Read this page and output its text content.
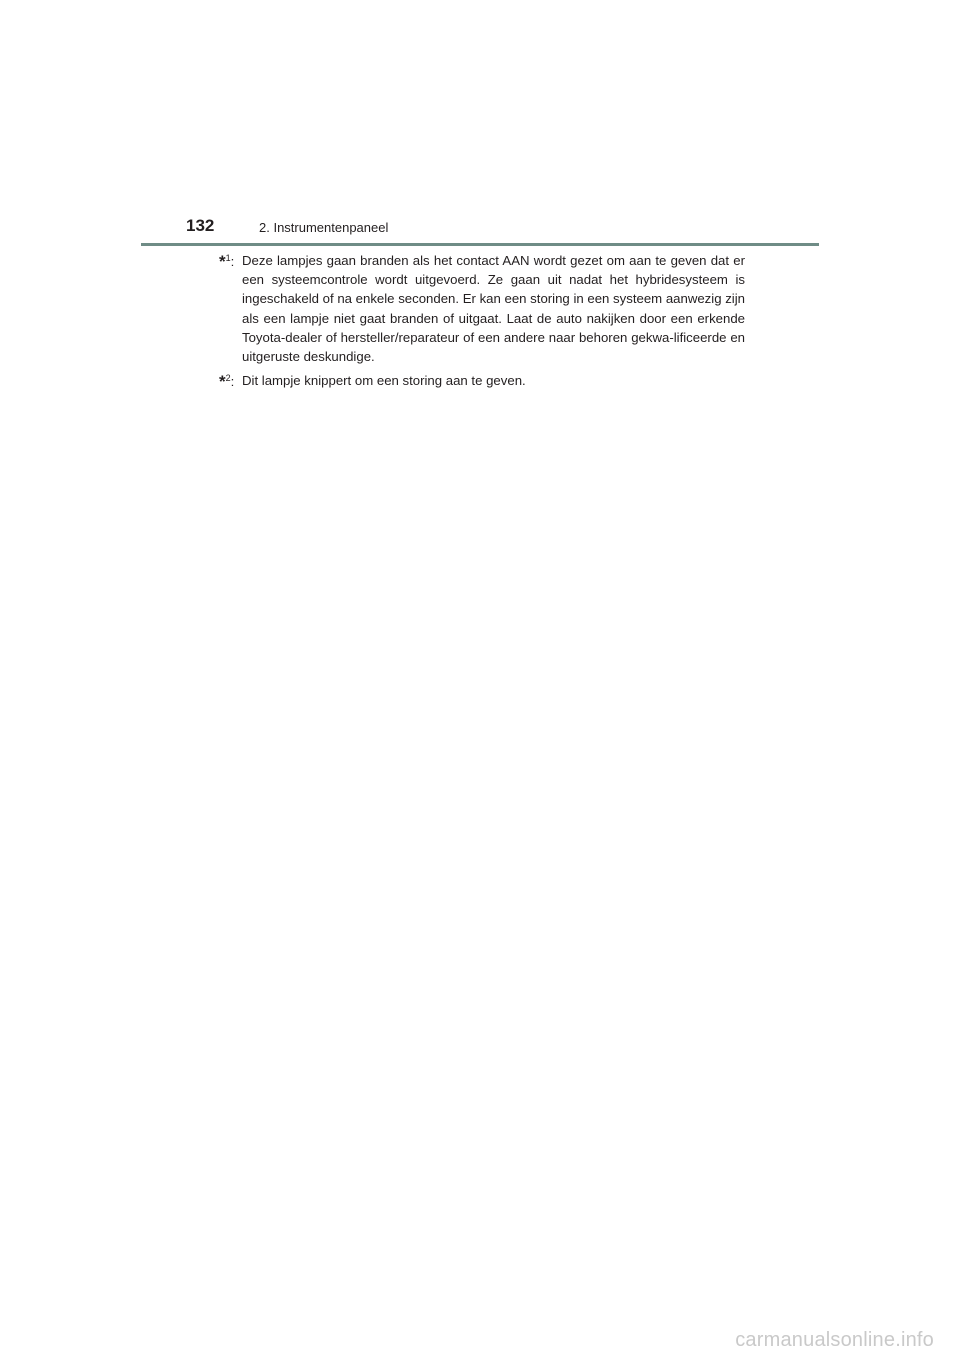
132	2. Instrumentenpaneel
*$^1$: Deze lampjes gaan branden als het contact AAN wordt gezet om aan te geven dat er een systeemcontrole wordt uitgevoerd. Ze gaan uit nadat het hybridesysteem is ingeschakeld of na enkele seconden. Er kan een storing in een systeem aanwezig zijn als een lampje niet gaat branden of uitgaat. Laat de auto nakijken door een erkende Toyota-dealer of hersteller/reparateur of een andere naar behoren gekwa-lificeerde en uitgeruste deskundige.
*$^2$: Dit lampje knippert om een storing aan te geven.
carmanualsonline.info
